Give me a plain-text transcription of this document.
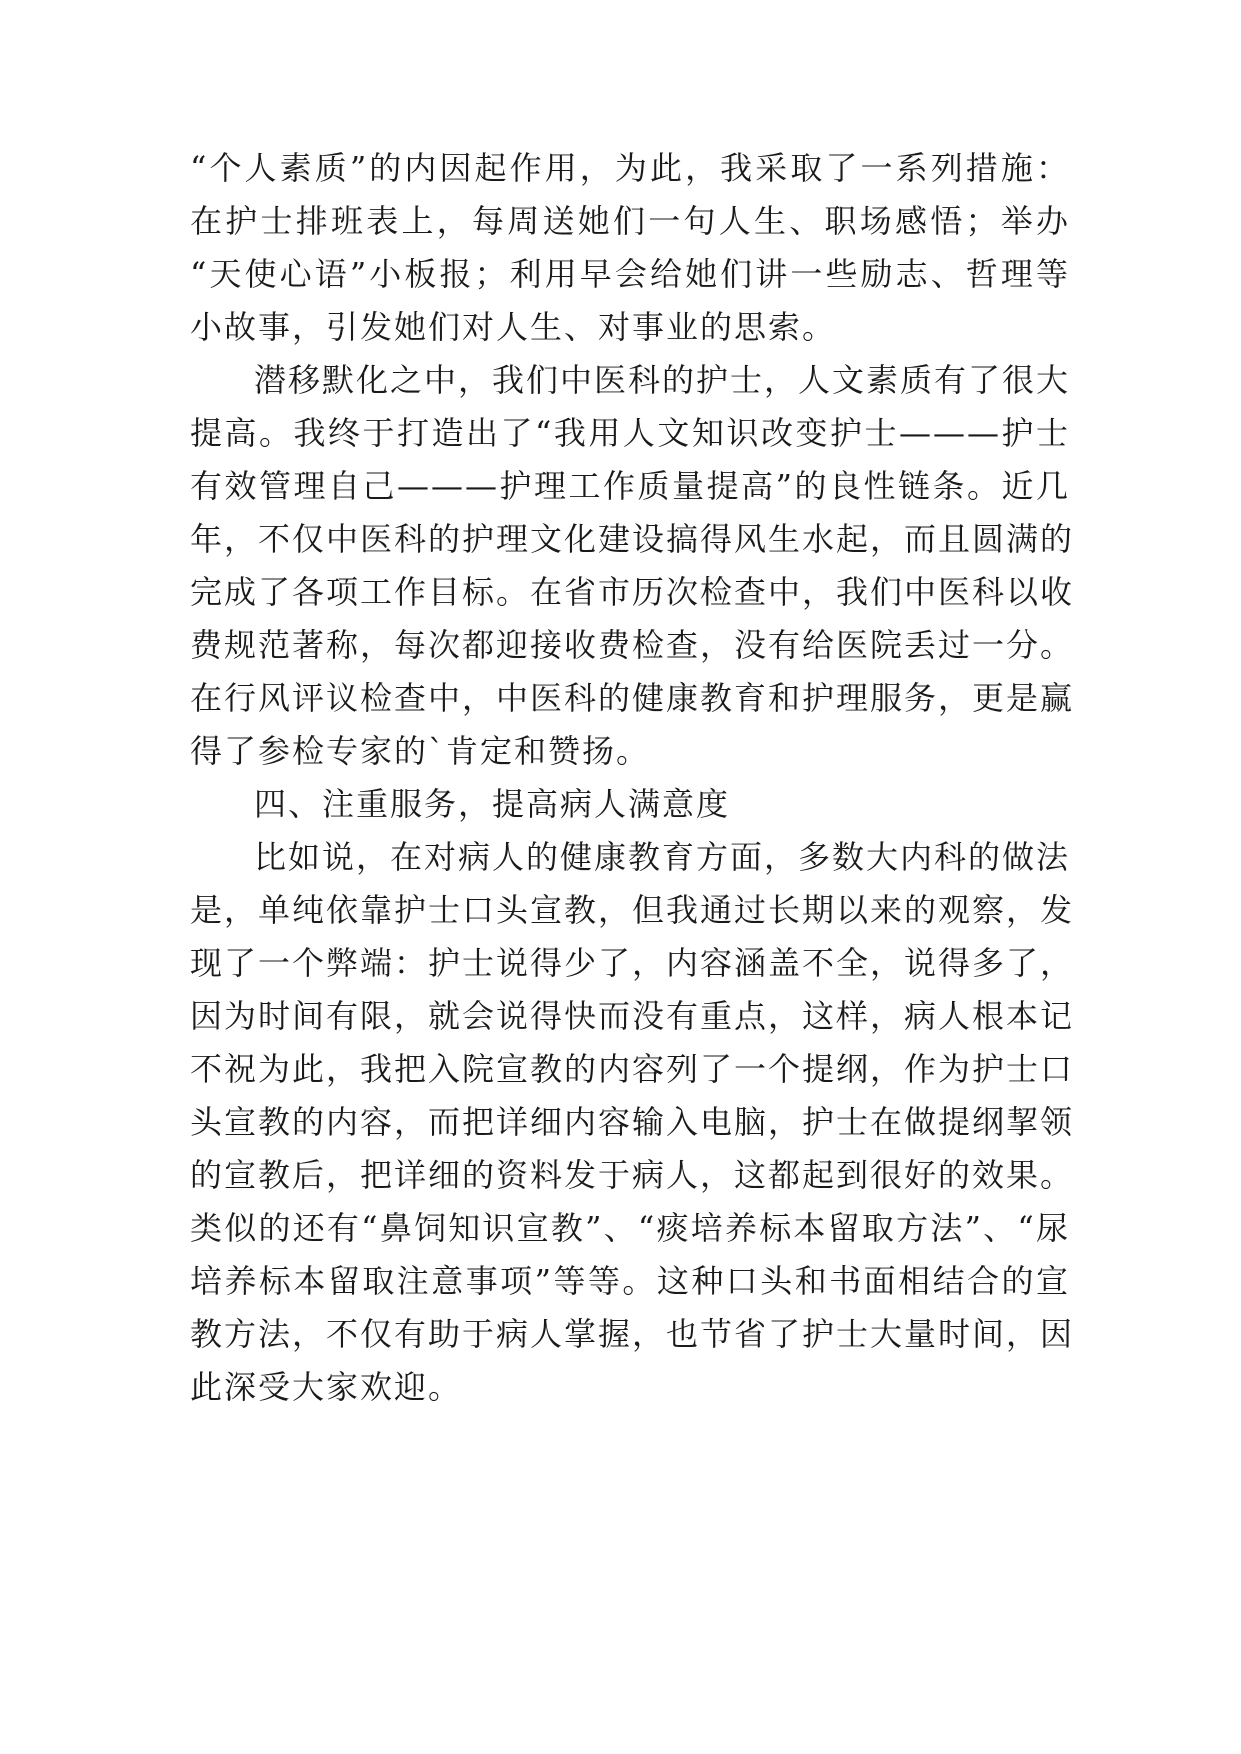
“个人素质”的内因起作用，为此，我采取了一系列措施：
在护士排班表上，每周送她们一句人生、职场感悟；举办
“天使心语”小板报；利用早会给她们讲一些励志、哲理等
小故事，引发她们对人生、对事业的思索。
潜移默化之中，我们中医科的护士，人文素质有了很大
提高。我终于打造出了“我用人文知识改变护士———护士
有效管理自己———护理工作质量提高”的良性链条。近几
年，不仅中医科的护理文化建设搞得风生水起，而且圆满的
完成了各项工作目标。在省市历次检查中，我们中医科以收
费规范著称，每次都迎接收费检查，没有给医院丢过一分。
在行风评议检查中，中医科的健康教育和护理服务，更是赢
得了参检专家的`肯定和赞扬。
四、注重服务，提高病人满意度
比如说，在对病人的健康教育方面，多数大内科的做法
是，单纯依靠护士口头宣教，但我通过长期以来的观察，发
现了一个弊端：护士说得少了，内容涵盖不全，说得多了，
因为时间有限，就会说得快而没有重点，这样，病人根本记
不祝为此，我把入院宣教的内容列了一个提纲，作为护士口
头宣教的内容，而把详细内容输入电脑，护士在做提纲挈领
的宣教后，把详细的资料发于病人，这都起到很好的效果。
类似的还有“鼻饲知识宣教”、“痰培养标本留取方法”、“尿
培养标本留取注意事项”等等。这种口头和书面相结合的宣
教方法，不仅有助于病人掌握，也节省了护士大量时间，因
此深受大家欢迎。
